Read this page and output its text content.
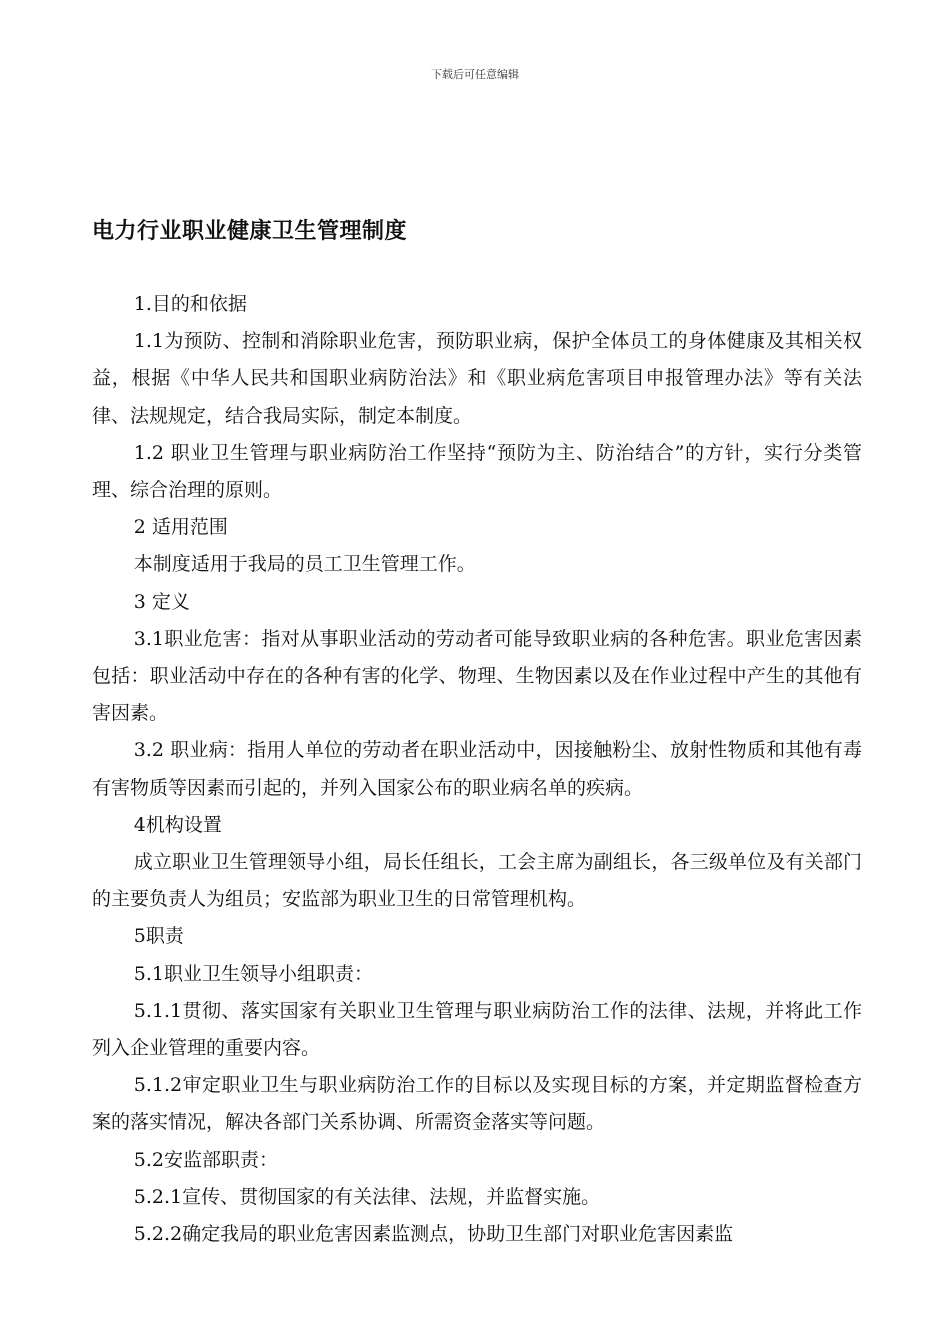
下载后可任意编辑
电力行业职业健康卫生管理制度

1.目的和依据

1.1为预防、控制和消除职业危害，预防职业病，保护全体员工的身体健康及其相关权益，根据《中华人民共和国职业病防治法》和《职业病危害项目申报管理办法》等有关法律、法规规定，结合我局实际，制定本制度。

1.2 职业卫生管理与职业病防治工作坚持“预防为主、防治结合”的方针，实行分类管理、综合治理的原则。

2 适用范围

本制度适用于我局的员工卫生管理工作。

3 定义

3.1职业危害：指对从事职业活动的劳动者可能导致职业病的各种危害。职业危害因素包括：职业活动中存在的各种有害的化学、物理、生物因素以及在作业过程中产生的其他有害因素。

3.2 职业病：指用人单位的劳动者在职业活动中，因接触粉尘、放射性物质和其他有毒有害物质等因素而引起的，并列入国家公布的职业病名单的疾病。

4机构设置

成立职业卫生管理领导小组，局长任组长，工会主席为副组长，各三级单位及有关部门的主要负责人为组员；安监部为职业卫生的日常管理机构。

5职责

5.1职业卫生领导小组职责：

5.1.1贯彻、落实国家有关职业卫生管理与职业病防治工作的法律、法规，并将此工作列入企业管理的重要内容。

5.1.2审定职业卫生与职业病防治工作的目标以及实现目标的方案，并定期监督检查方案的落实情况，解决各部门关系协调、所需资金落实等问题。

5.2安监部职责：

5.2.1宣传、贯彻国家的有关法律、法规，并监督实施。

5.2.2确定我局的职业危害因素监测点，协助卫生部门对职业危害因素监
